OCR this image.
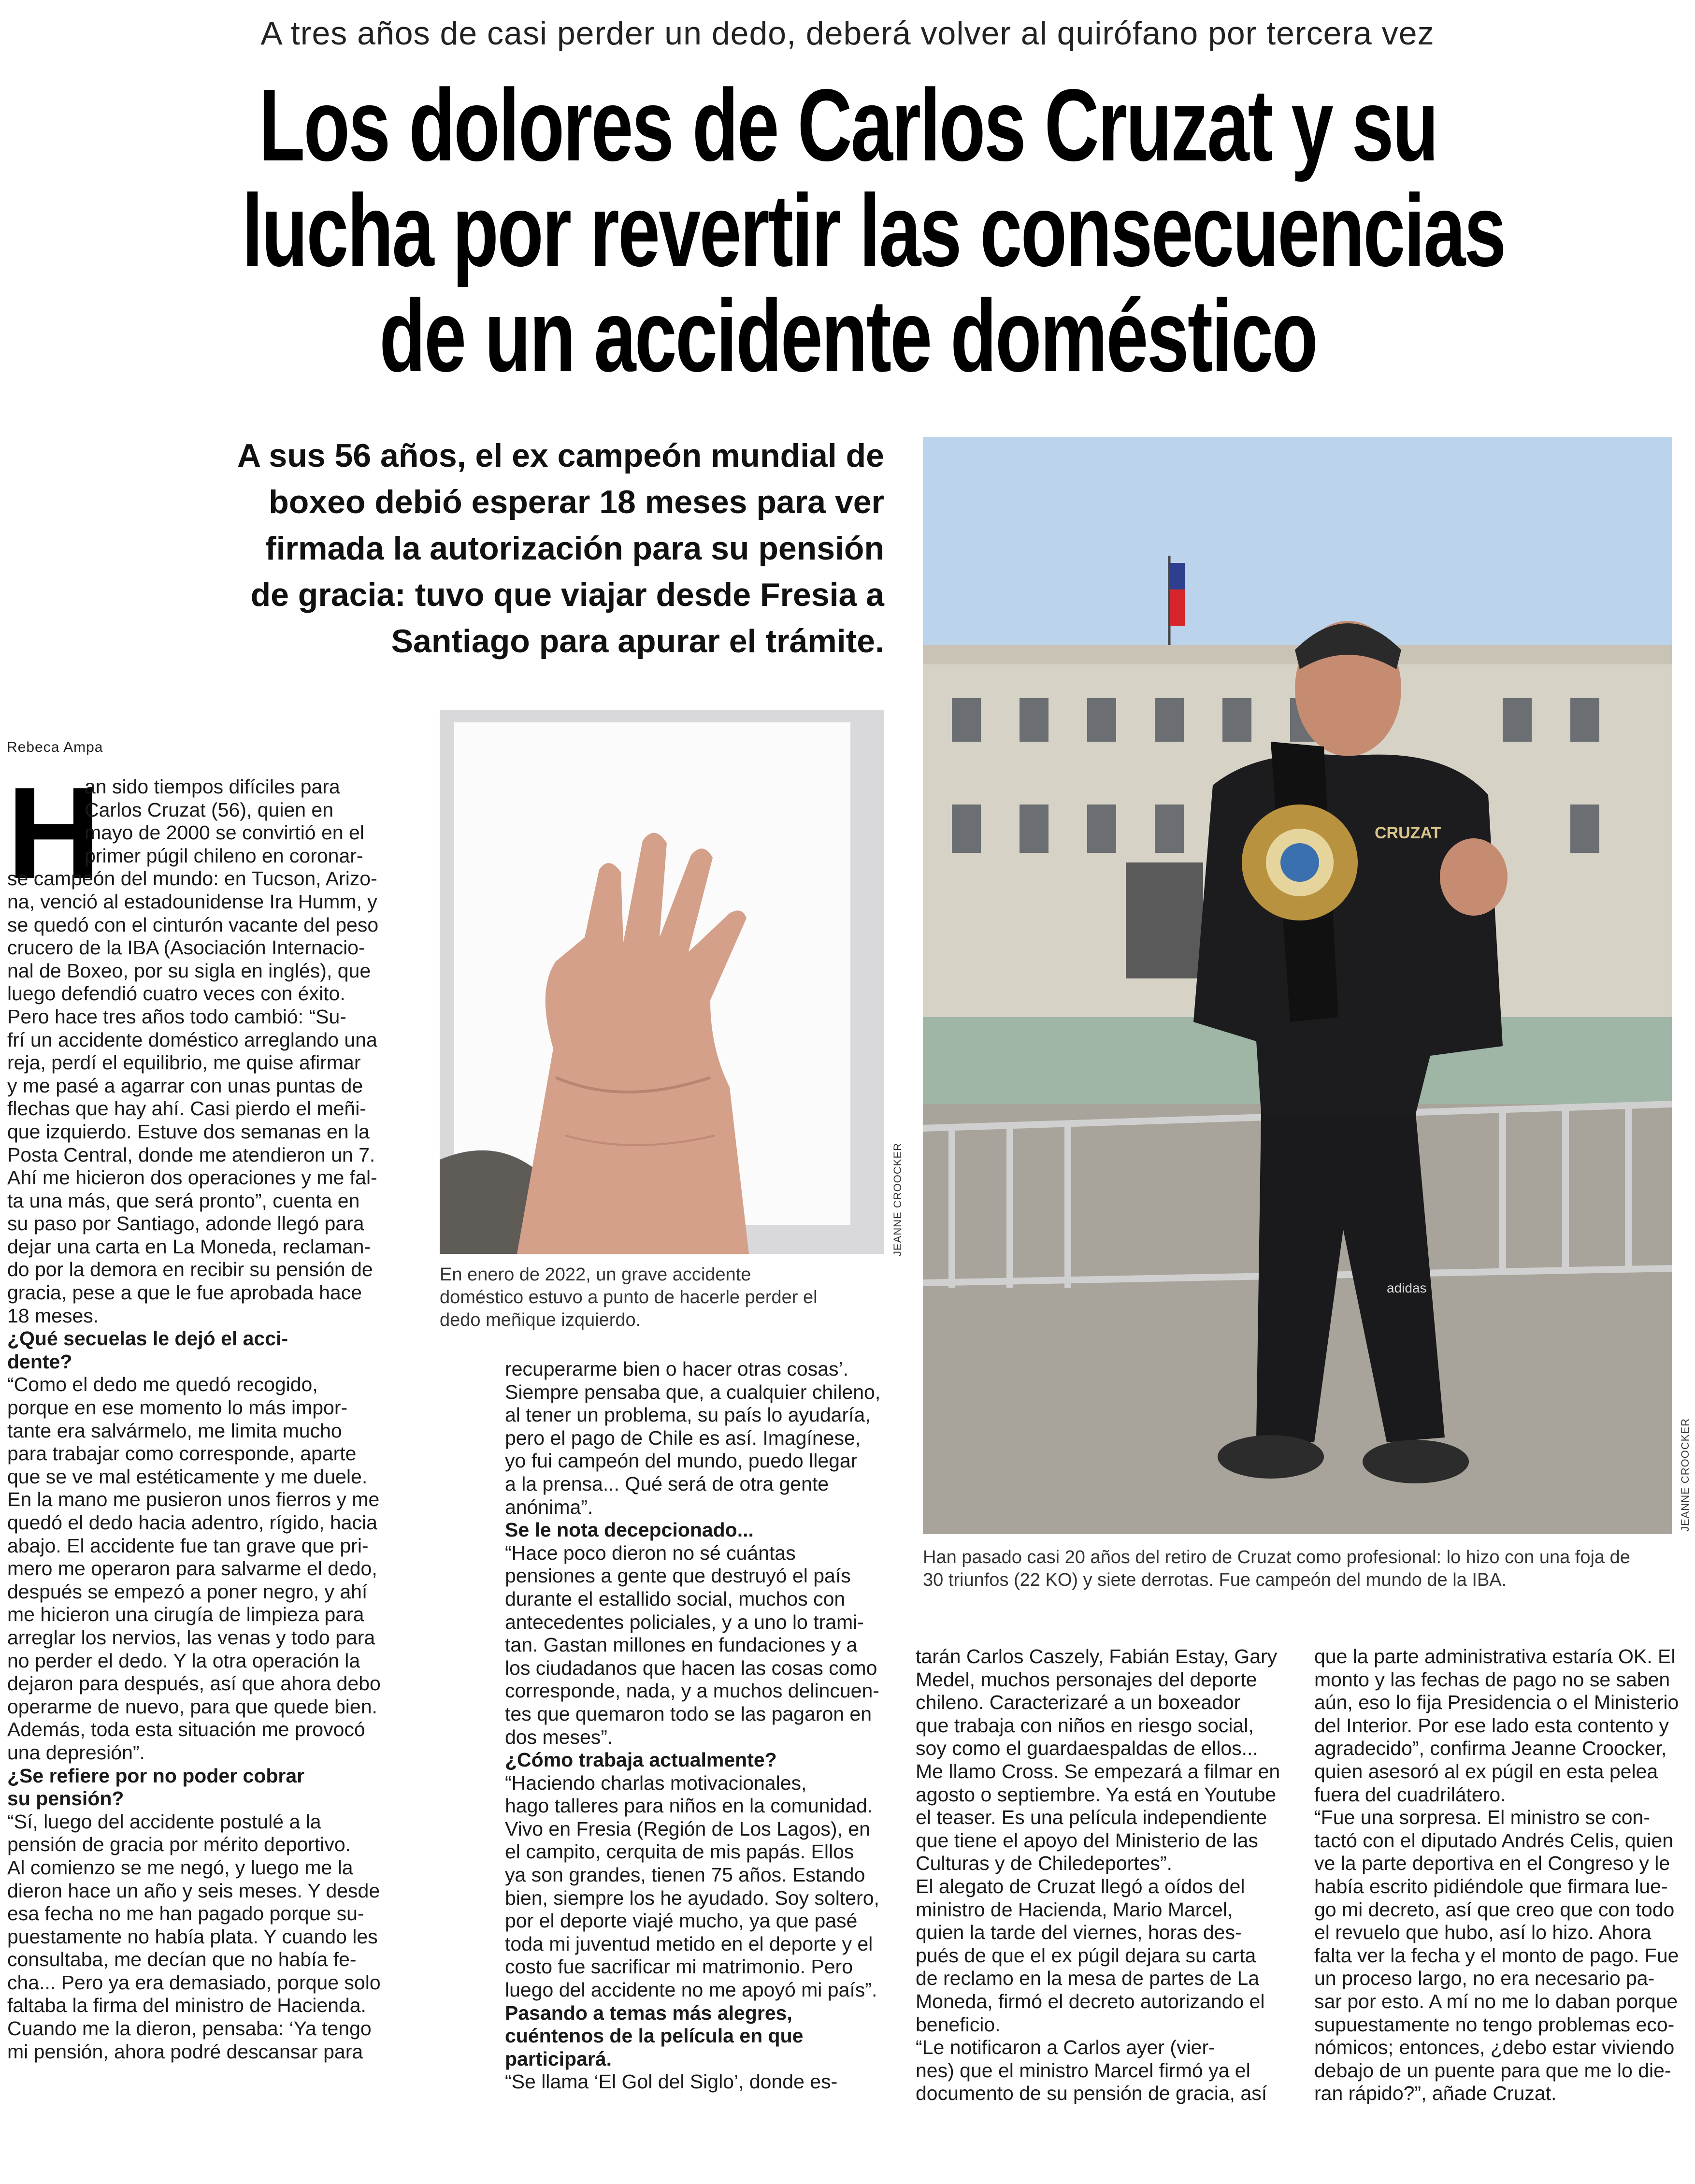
A tres años de casi perder un dedo, deberá volver al quirófano por tercera vez
Los dolores de Carlos Cruzat y su
lucha por revertir las consecuencias
de un accidente doméstico
A sus 56 años, el ex campeón mundial de
boxeo debió esperar 18 meses para ver
firmada la autorización para su pensión
de gracia: tuvo que viajar desde Fresia a
Santiago para apurar el trámite.
Rebeca Ampa
H
JEANNE CROOCKER
En enero de 2022, un grave accidente
doméstico estuvo a punto de hacerle perder el
dedo meñique izquierdo.
CRUZAT
adidas
JEANNE CROOCKER
Han pasado casi 20 años del retiro de Cruzat como profesional: lo hizo con una foja de
30 triunfos (22 KO) y siete derrotas. Fue campeón del mundo de la IBA.
an sido tiempos difíciles para
Carlos Cruzat (56), quien en
mayo de 2000 se convirtió en el
primer púgil chileno en coronar-
se campeón del mundo: en Tucson, Arizo-
na, venció al estadounidense Ira Humm, y
se quedó con el cinturón vacante del peso
crucero de la IBA (Asociación Internacio-
nal de Boxeo, por su sigla en inglés), que
luego defendió cuatro veces con éxito.
Pero hace tres años todo cambió: “Su-
frí un accidente doméstico arreglando una
reja, perdí el equilibrio, me quise afirmar
y me pasé a agarrar con unas puntas de
flechas que hay ahí. Casi pierdo el meñi-
que izquierdo. Estuve dos semanas en la
Posta Central, donde me atendieron un 7.
Ahí me hicieron dos operaciones y me fal-
ta una más, que será pronto”, cuenta en
su paso por Santiago, adonde llegó para
dejar una carta en La Moneda, reclaman-
do por la demora en recibir su pensión de
gracia, pese a que le fue aprobada hace
18 meses.
¿Qué secuelas le dejó el acci-
dente?
“Como el dedo me quedó recogido,
porque en ese momento lo más impor-
tante era salvármelo, me limita mucho
para trabajar como corresponde, aparte
que se ve mal estéticamente y me duele.
En la mano me pusieron unos fierros y me
quedó el dedo hacia adentro, rígido, hacia
abajo. El accidente fue tan grave que pri-
mero me operaron para salvarme el dedo,
después se empezó a poner negro, y ahí
me hicieron una cirugía de limpieza para
arreglar los nervios, las venas y todo para
no perder el dedo. Y la otra operación la
dejaron para después, así que ahora debo
operarme de nuevo, para que quede bien.
Además, toda esta situación me provocó
una depresión”.
¿Se refiere por no poder cobrar
su pensión?
“Sí, luego del accidente postulé a la
pensión de gracia por mérito deportivo.
Al comienzo se me negó, y luego me la
dieron hace un año y seis meses. Y desde
esa fecha no me han pagado porque su-
puestamente no había plata. Y cuando les
consultaba, me decían que no había fe-
cha... Pero ya era demasiado, porque solo
faltaba la firma del ministro de Hacienda.
Cuando me la dieron, pensaba: ‘Ya tengo
mi pensión, ahora podré descansar para
recuperarme bien o hacer otras cosas’.
Siempre pensaba que, a cualquier chileno,
al tener un problema, su país lo ayudaría,
pero el pago de Chile es así. Imagínese,
yo fui campeón del mundo, puedo llegar
a la prensa... Qué será de otra gente
anónima”.
Se le nota decepcionado...
“Hace poco dieron no sé cuántas
pensiones a gente que destruyó el país
durante el estallido social, muchos con
antecedentes policiales, y a uno lo trami-
tan. Gastan millones en fundaciones y a
los ciudadanos que hacen las cosas como
corresponde, nada, y a muchos delincuen-
tes que quemaron todo se las pagaron en
dos meses”.
¿Cómo trabaja actualmente?
“Haciendo charlas motivacionales,
hago talleres para niños en la comunidad.
Vivo en Fresia (Región de Los Lagos), en
el campito, cerquita de mis papás. Ellos
ya son grandes, tienen 75 años. Estando
bien, siempre los he ayudado. Soy soltero,
por el deporte viajé mucho, ya que pasé
toda mi juventud metido en el deporte y el
costo fue sacrificar mi matrimonio. Pero
luego del accidente no me apoyó mi país”.
Pasando a temas más alegres,
cuéntenos de la película en que
participará.
“Se llama ‘El Gol del Siglo’, donde es-
tarán Carlos Caszely, Fabián Estay, Gary
Medel, muchos personajes del deporte
chileno. Caracterizaré a un boxeador
que trabaja con niños en riesgo social,
soy como el guardaespaldas de ellos...
Me llamo Cross. Se empezará a filmar en
agosto o septiembre. Ya está en Youtube
el teaser. Es una película independiente
que tiene el apoyo del Ministerio de las
Culturas y de Chiledeportes”.
El alegato de Cruzat llegó a oídos del
ministro de Hacienda, Mario Marcel,
quien la tarde del viernes, horas des-
pués de que el ex púgil dejara su carta
de reclamo en la mesa de partes de La
Moneda, firmó el decreto autorizando el
beneficio.
“Le notificaron a Carlos ayer (vier-
nes) que el ministro Marcel firmó ya el
documento de su pensión de gracia, así
que la parte administrativa estaría OK. El
monto y las fechas de pago no se saben
aún, eso lo fija Presidencia o el Ministerio
del Interior. Por ese lado esta contento y
agradecido”, confirma Jeanne Croocker,
quien asesoró al ex púgil en esta pelea
fuera del cuadrilátero.
“Fue una sorpresa. El ministro se con-
tactó con el diputado Andrés Celis, quien
ve la parte deportiva en el Congreso y le
había escrito pidiéndole que firmara lue-
go mi decreto, así que creo que con todo
el revuelo que hubo, así lo hizo. Ahora
falta ver la fecha y el monto de pago. Fue
un proceso largo, no era necesario pa-
sar por esto. A mí no me lo daban porque
supuestamente no tengo problemas eco-
nómicos; entonces, ¿debo estar viviendo
debajo de un puente para que me lo die-
ran rápido?”, añade Cruzat.
